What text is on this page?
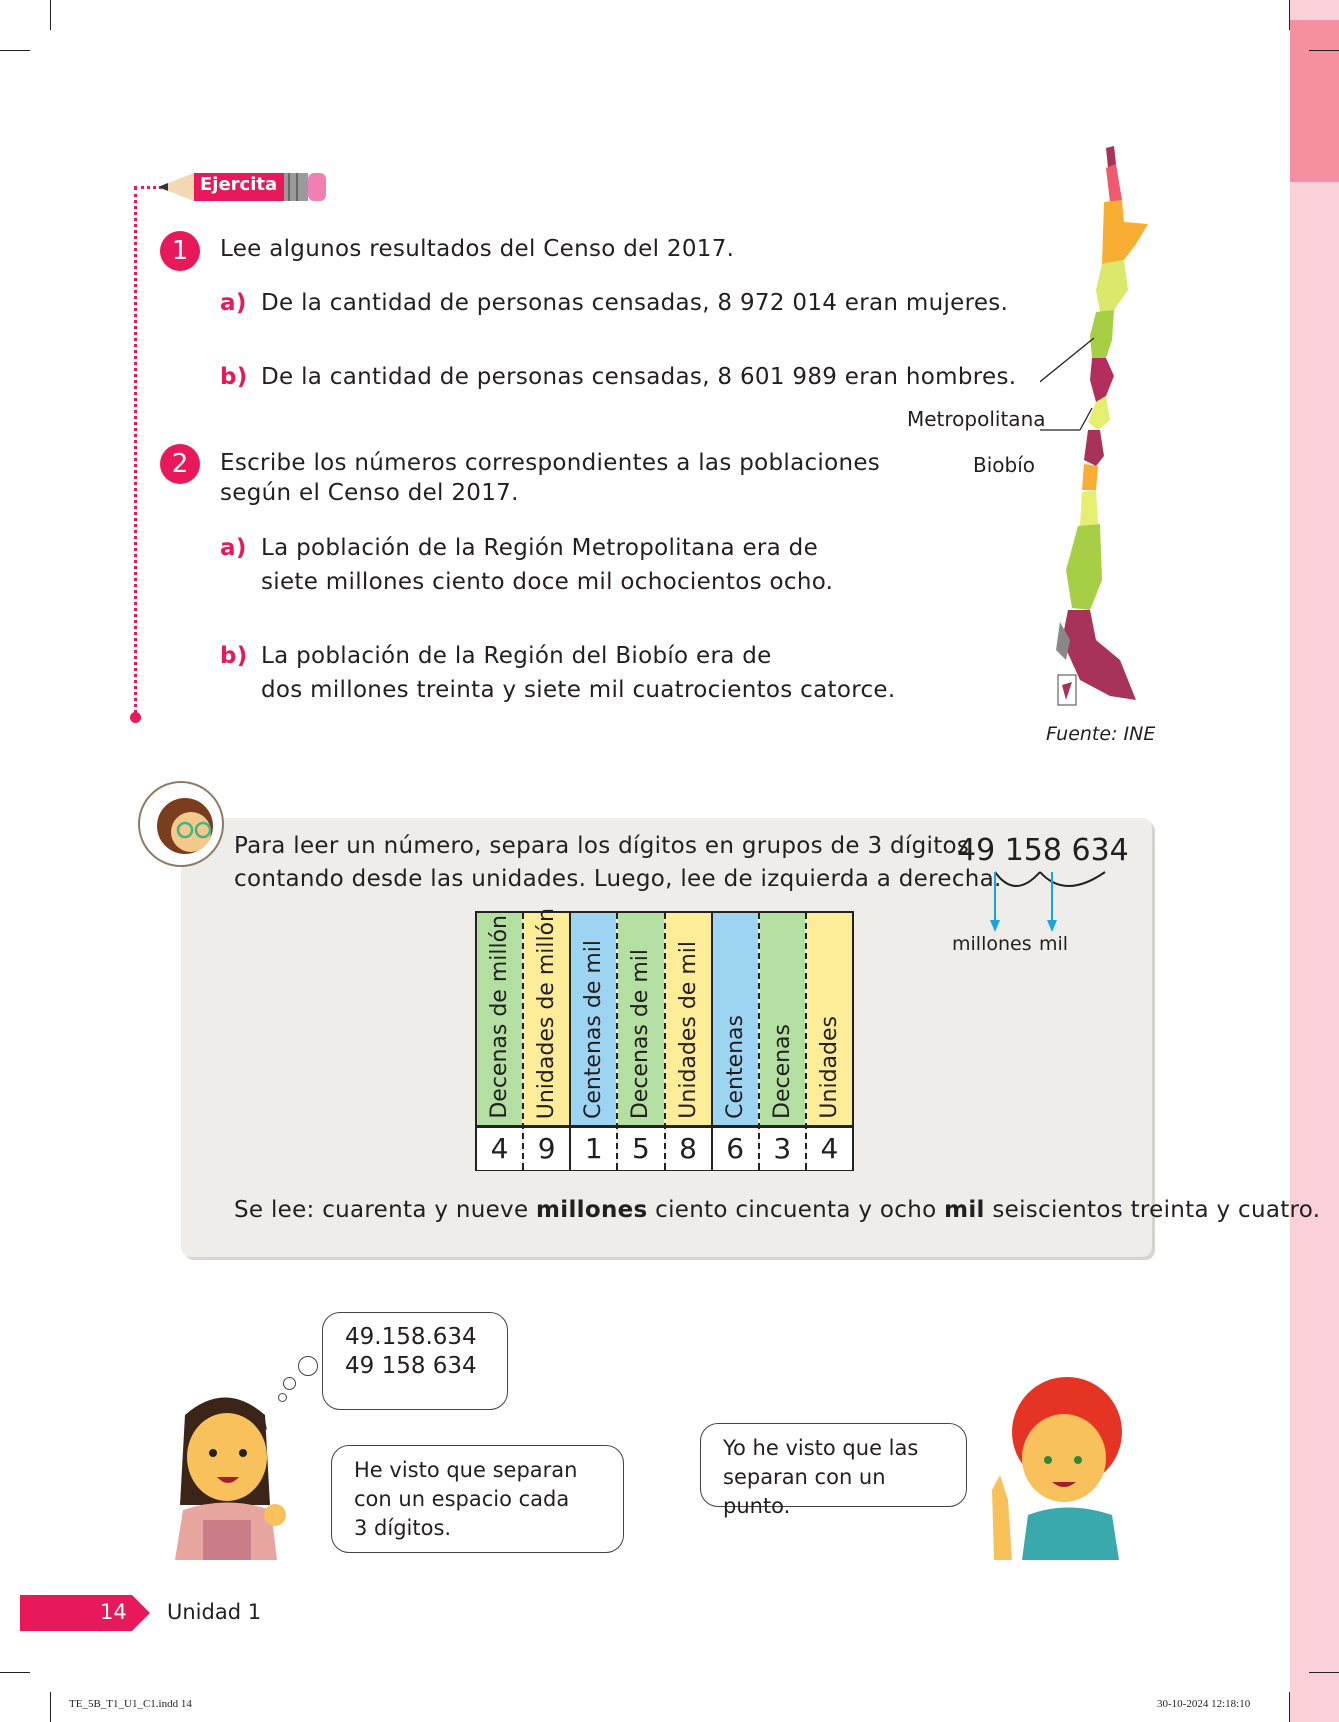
Ejercita
1	Lee algunos resultados del Censo del 2017.
a) De la cantidad de personas censadas, 8 972 014 eran mujeres.
b) De la cantidad de personas censadas, 8 601 989 eran hombres.
2	Escribe los números correspondientes a las poblaciones
según el Censo del 2017.
a) La población de la Región Metropolitana era de
siete millones ciento doce mil ochocientos ocho.
b) La población de la Región del Biobío era de
dos millones treinta y siete mil cuatrocientos catorce.
Metropolitana
Biobío
Fuente: INE
Para leer un número, separa los dígitos en grupos de 3 dígitos
contando desde las unidades. Luego, lee de izquierda a derecha.
49 158 634
millones mil
Decenas de millón
4
Unidades de millón
9
Centenas de mil
1
Decenas de mil
5
Unidades de mil
8
Centenas
6
Decenas
3
Unidades
4
Se lee: cuarenta y nueve millones ciento cincuenta y ocho mil seiscientos treinta y cuatro.
49.158.634
49 158 634
He visto que separan
con un espacio cada
3 dígitos.
Yo he visto que las
separan con un punto.
14 Unidad 1
TE_5B_T1_U1_C1.indd 14	30-10-2024 12:18:10
